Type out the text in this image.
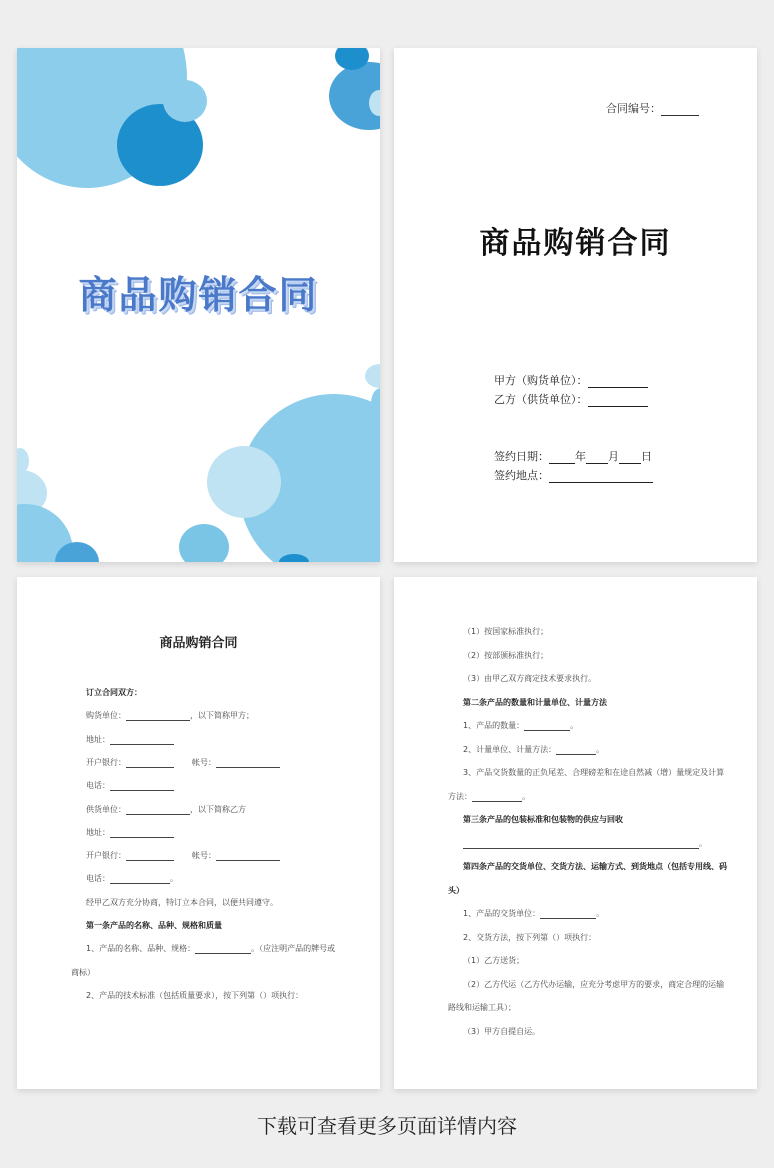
商品购销合同
合同编号：
商品购销合同
甲方（购货单位）：
乙方（供货单位）：
签约日期： 年 月 日
签约地点：
商品购销合同
订立合同双方：
购货单位：	，以下简称甲方；
地址：
开户银行：	帐号：
电话：
供货单位：	，以下简称乙方
地址：
开户银行：	帐号：
电话：	。
经甲乙双方充分协商，特订立本合同，以便共同遵守。
第一条产品的名称、品种、规格和质量
1、产品的名称、品种、规格：	。（应注明产品的牌号或
商标）
2、产品的技术标准（包括质量要求），按下列第（）项执行：
（1）按国家标准执行；
（2）按部颁标准执行；
（3）由甲乙双方商定技术要求执行。
第二条产品的数量和计量单位、计量方法
1、产品的数量：	。
2、计量单位、计量方法：	。
3、产品交货数量的正负尾差、合理磅差和在途自然减（增）量规定及计算
方法：	。
第三条产品的包装标准和包装物的供应与回收
。
第四条产品的交货单位、交货方法、运输方式、到货地点（包括专用线、码
头）
1、产品的交货单位：	。
2、交货方法，按下列第（）项执行：
（1）乙方送货；
（2）乙方代运（乙方代办运输，应充分考虑甲方的要求，商定合理的运输
路线和运输工具）；
（3）甲方自提自运。
下载可查看更多页面详情内容
